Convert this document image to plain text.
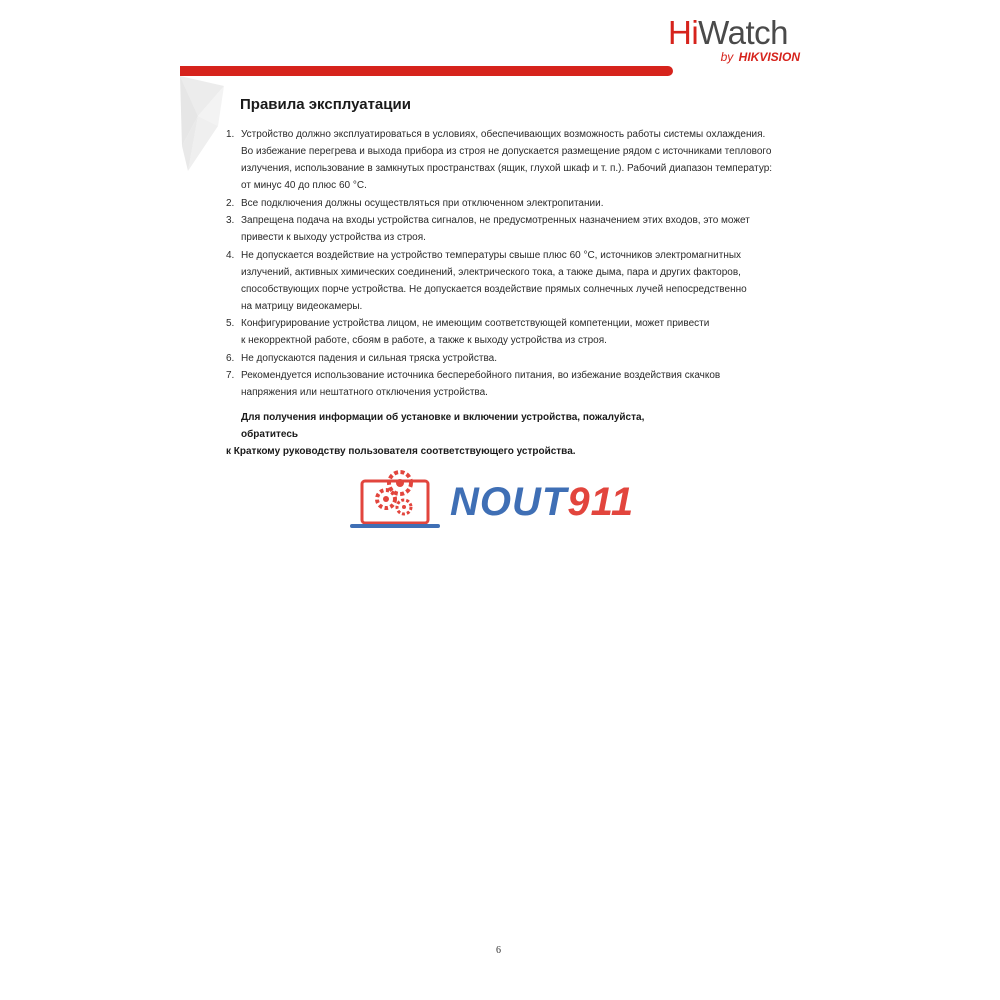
HiWatch
by HIKVISION
Правила эксплуатации
1. Устройство должно эксплуатироваться в условиях, обеспечивающих возможность работы системы охлаждения.
Во избежание перегрева и выхода прибора из строя не допускается размещение рядом с источниками теплового
излучения, использование в замкнутых пространствах (ящик, глухой шкаф и т. п.). Рабочий диапазон температур:
от минус 40 до плюс 60 °С.
2. Все подключения должны осуществляться при отключенном электропитании.
3. Запрещена подача на входы устройства сигналов, не предусмотренных назначением этих входов, это может
привести к выходу устройства из строя.
4. Не допускается воздействие на устройство температуры свыше плюс 60 °С, источников электромагнитных
излучений, активных химических соединений, электрического тока, а также дыма, пара и других факторов,
способствующих порче устройства. Не допускается воздействие прямых солнечных лучей непосредственно
на матрицу видеокамеры.
5. Конфигурирование устройства лицом, не имеющим соответствующей компетенции, может привести
к некорректной работе, сбоям в работе, а также к выходу устройства из строя.
6. Не допускаются падения и сильная тряска устройства.
7. Рекомендуется использование источника бесперебойного питания, во избежание воздействия скачков
напряжения или нештатного отключения устройства.
Для получения информации об установке и включении устройства, пожалуйста, обратитесь
к Краткому руководству пользователя соответствующего устройства.
NOUT911
6
